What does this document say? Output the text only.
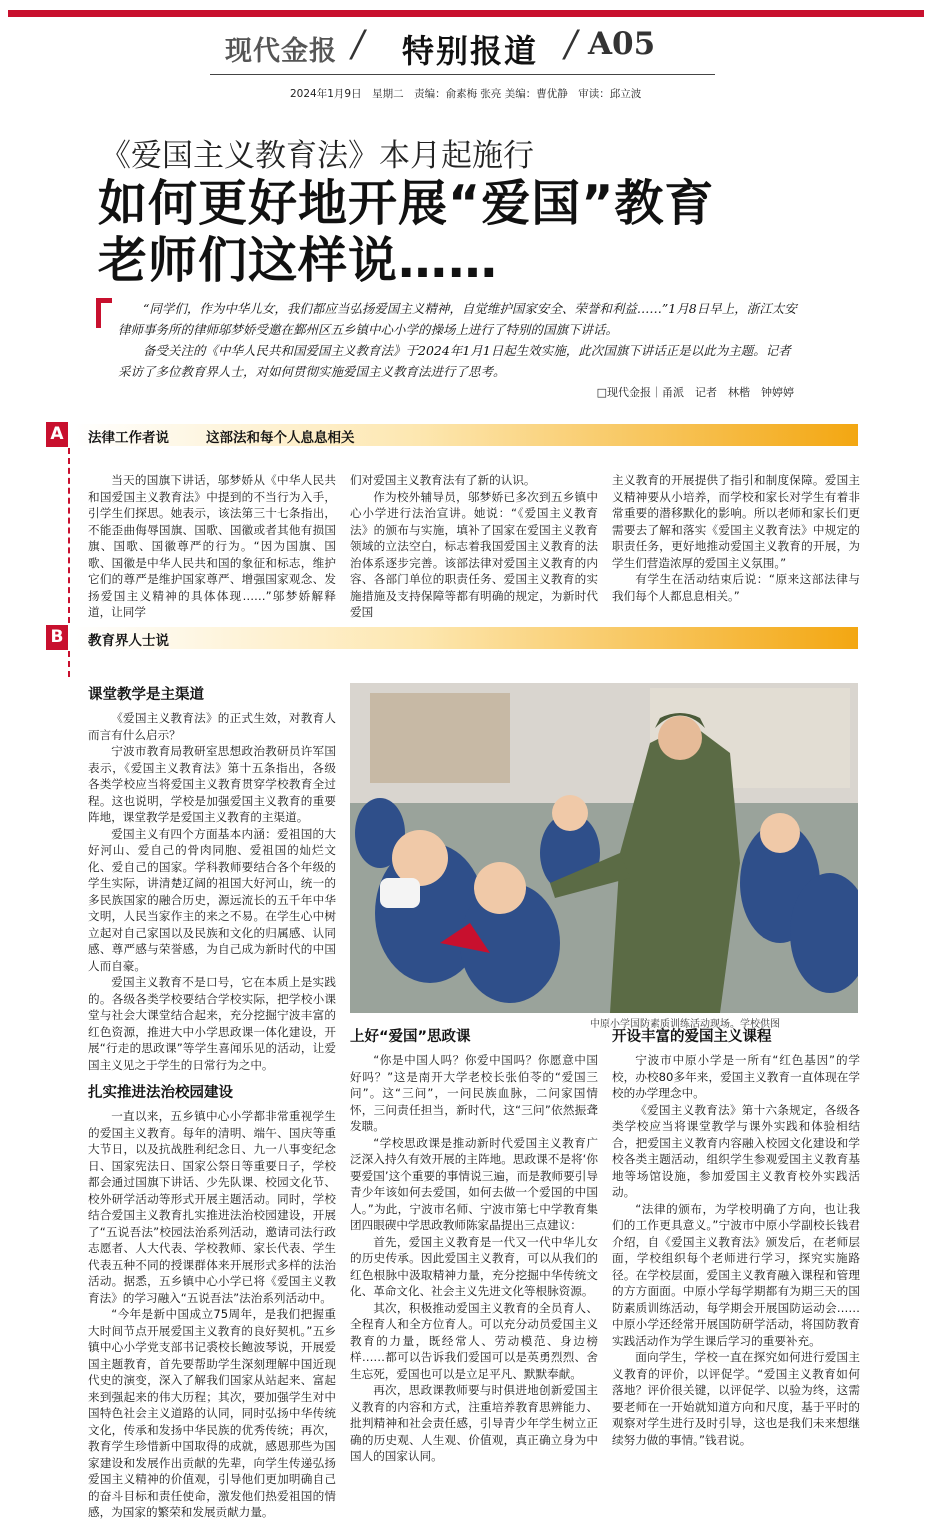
现代金报 / 特别报道 / A05
2024年1月9日　星期二　责编：俞素梅 张亮 美编：曹优静　审读：邱立波
《爱国主义教育法》本月起施行
如何更好地开展“爱国”教育
老师们这样说……

“同学们，作为中华儿女，我们都应当弘扬爱国主义精神，自觉维护国家安全、荣誉和利益……”1月8日早上，浙江太安律师事务所的律师邬梦娇受邀在鄞州区五乡镇中心小学的操场上进行了特别的国旗下讲话。

备受关注的《中华人民共和国爱国主义教育法》于2024年1月1日起生效实施，此次国旗下讲话正是以此为主题。记者采访了多位教育界人士，对如何贯彻实施爱国主义教育法进行了思考。

□现代金报｜甬派　记者　林楷　钟婷婷
A	法律工作者说	这部法和每个人息息相关

当天的国旗下讲话，邬梦娇从《中华人民共和国爱国主义教育法》中提到的不当行为入手，引学生们探思。她表示，该法第三十七条指出，不能歪曲侮辱国旗、国歌、国徽或者其他有损国旗、国歌、国徽尊严的行为。“因为国旗、国歌、国徽是中华人民共和国的象征和标志，维护它们的尊严是维护国家尊严、增强国家观念、发扬爱国主义精神的具体体现……”邬梦娇解释道，让同学

们对爱国主义教育法有了新的认识。

作为校外辅导员，邬梦娇已多次到五乡镇中心小学进行法治宣讲。她说：“《爱国主义教育法》的颁布与实施，填补了国家在爱国主义教育领域的立法空白，标志着我国爱国主义教育的法治体系逐步完善。该部法律对爱国主义教育的内容、各部门单位的职责任务、爱国主义教育的实施措施及支持保障等都有明确的规定，为新时代爱国

主义教育的开展提供了指引和制度保障。爱国主义精神要从小培养，而学校和家长对学生有着非常重要的潜移默化的影响。所以老师和家长们更需要去了解和落实《爱国主义教育法》中规定的职责任务，更好地推动爱国主义教育的开展，为学生们营造浓厚的爱国主义氛围。”

有学生在活动结束后说：“原来这部法律与我们每个人都息息相关。”

B	教育界人士说
课堂教学是主渠道

《爱国主义教育法》的正式生效，对教育人而言有什么启示？

宁波市教育局教研室思想政治教研员许军国表示，《爱国主义教育法》第十五条指出，各级各类学校应当将爱国主义教育贯穿学校教育全过程。这也说明，学校是加强爱国主义教育的重要阵地，课堂教学是爱国主义教育的主渠道。

爱国主义有四个方面基本内涵：爱祖国的大好河山、爱自己的骨肉同胞、爱祖国的灿烂文化、爱自己的国家。学科教师要结合各个年级的学生实际，讲清楚辽阔的祖国大好河山，统一的多民族国家的融合历史，源远流长的五千年中华文明，人民当家作主的来之不易。在学生心中树立起对自己家国以及民族和文化的归属感、认同感、尊严感与荣誉感，为自己成为新时代的中国人而自豪。

爱国主义教育不是口号，它在本质上是实践的。各级各类学校要结合学校实际，把学校小课堂与社会大课堂结合起来，充分挖掘宁波丰富的红色资源，推进大中小学思政课一体化建设，开展“行走的思政课”等学生喜闻乐见的活动，让爱国主义见之于学生的日常行为之中。

扎实推进法治校园建设

一直以来，五乡镇中心小学都非常重视学生的爱国主义教育。每年的清明、端午、国庆等重大节日，以及抗战胜利纪念日、九一八事变纪念日、国家宪法日、国家公祭日等重要日子，学校都会通过国旗下讲话、少先队课、校园文化节、校外研学活动等形式开展主题活动。同时，学校结合爱国主义教育扎实推进法治校园建设，开展了“五说吾法”校园法治系列活动，邀请司法行政志愿者、人大代表、学校教师、家长代表、学生代表五种不同的授课群体来开展形式多样的法治活动。据悉，五乡镇中心小学已将《爱国主义教育法》的学习融入“五说吾法”法治系列活动中。

“今年是新中国成立75周年，是我们把握重大时间节点开展爱国主义教育的良好契机。”五乡镇中心小学党支部书记裘校长鲍波琴说，开展爱国主题教育，首先要帮助学生深刻理解中国近现代史的演变，深入了解我们国家从站起来、富起来到强起来的伟大历程；其次，要加强学生对中国特色社会主义道路的认同，同时弘扬中华传统文化，传承和发扬中华民族的优秀传统；再次，教育学生珍惜新中国取得的成就，感恩那些为国家建设和发展作出贡献的先辈，向学生传递弘扬爱国主义精神的价值观，引导他们更加明确自己的奋斗目标和责任使命，激发他们热爱祖国的情感，为国家的繁荣和发展贡献力量。

中原小学国防素质训练活动现场。学校供图
上好“爱国”思政课

“你是中国人吗？你爱中国吗？你愿意中国好吗？”这是南开大学老校长张伯苓的“爱国三问”。这“三问”，一问民族血脉，二问家国情怀，三问责任担当，新时代，这“三问”依然振聋发聩。

“学校思政课是推动新时代爱国主义教育广泛深入持久有效开展的主阵地。思政课不是将‘你要爱国’这个重要的事情说三遍，而是教师要引导青少年该如何去爱国，如何去做一个爱国的中国人。”为此，宁波市名师、宁波市第七中学教育集团四眼碶中学思政教师陈家晶提出三点建议：

首先，爱国主义教育是一代又一代中华儿女的历史传承。因此爱国主义教育，可以从我们的红色根脉中汲取精神力量，充分挖掘中华传统文化、革命文化、社会主义先进文化等根脉资源。

其次，积极推动爱国主义教育的全员育人、全程育人和全方位育人。可以充分动员爱国主义教育的力量，既经常人、劳动模范、身边榜样……都可以告诉我们爱国可以是英勇烈烈、舍生忘死，爱国也可以是立足平凡、默默奉献。

再次，思政课教师要与时俱进地创新爱国主义教育的内容和方式，注重培养教育思辨能力、批判精神和社会责任感，引导青少年学生树立正确的历史观、人生观、价值观，真正确立身为中国人的国家认同。

开设丰富的爱国主义课程

宁波市中原小学是一所有“红色基因”的学校，办校80多年来，爱国主义教育一直体现在学校的办学理念中。

《爱国主义教育法》第十六条规定，各级各类学校应当将课堂教学与课外实践和体验相结合，把爱国主义教育内容融入校园文化建设和学校各类主题活动，组织学生参观爱国主义教育基地等场馆设施，参加爱国主义教育校外实践活动。

“法律的颁布，为学校明确了方向，也让我们的工作更具意义。”宁波市中原小学副校长钱君介绍，自《爱国主义教育法》颁发后，在老师层面，学校组织每个老师进行学习，探究实施路径。在学校层面，爱国主义教育融入课程和管理的方方面面。中原小学每学期都有为期三天的国防素质训练活动，每学期会开展国防运动会……中原小学还经常开展国防研学活动，将国防教育实践活动作为学生课后学习的重要补充。

面向学生，学校一直在探究如何进行爱国主义教育的评价，以评促学。“爱国主义教育如何落地？评价很关键，以评促学、以验为终，这需要老师在一开始就知道方向和尺度，基于平时的观察对学生进行及时引导，这也是我们未来想继续努力做的事情。”钱君说。
